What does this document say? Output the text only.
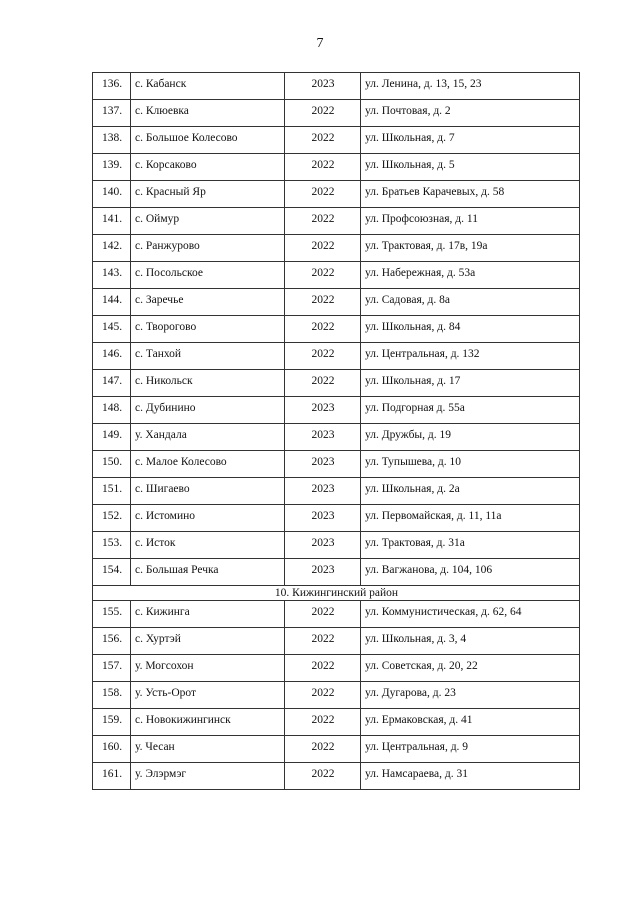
7
136.	с. Кабанск	2023	ул. Ленина, д. 13, 15, 23
137.	с. Клюевка	2022	ул. Почтовая, д. 2
138.	с. Большое Колесово	2022	ул. Школьная, д. 7
139.	с. Корсаково	2022	ул. Школьная, д. 5
140.	с. Красный Яр	2022	ул. Братьев Карачевых, д. 58
141.	с. Оймур	2022	ул. Профсоюзная, д. 11
142.	с. Ранжурово	2022	ул. Трактовая, д. 17в, 19а
143.	с. Посольское	2022	ул. Набережная, д. 53а
144.	с. Заречье	2022	ул. Садовая, д. 8а
145.	с. Творогово	2022	ул. Школьная, д. 84
146.	с. Танхой	2022	ул. Центральная, д. 132
147.	с. Никольск	2022	ул. Школьная, д. 17
148.	с. Дубинино	2023	ул. Подгорная д. 55а
149.	у. Хандала	2023	ул. Дружбы, д. 19
150.	с. Малое Колесово	2023	ул. Тупышева, д. 10
151.	с. Шигаево	2023	ул. Школьная, д. 2а
152.	с. Истомино	2023	ул. Первомайская, д. 11, 11а
153.	с. Исток	2023	ул. Трактовая, д. 31а
154.	с. Большая Речка	2023	ул. Вагжанова, д. 104, 106
10. Кижингинский район			
155.	с. Кижинга	2022	ул. Коммунистическая, д. 62, 64
156.	с. Хуртэй	2022	ул. Школьная, д. 3, 4
157.	у. Могсохон	2022	ул. Советская, д. 20, 22
158.	у. Усть-Орот	2022	ул. Дугарова, д. 23
159.	с. Новокижингинск	2022	ул. Ермаковская, д. 41
160.	у. Чесан	2022	ул. Центральная, д. 9
161.	у. Элэрмэг	2022	ул. Намсараева, д. 31
